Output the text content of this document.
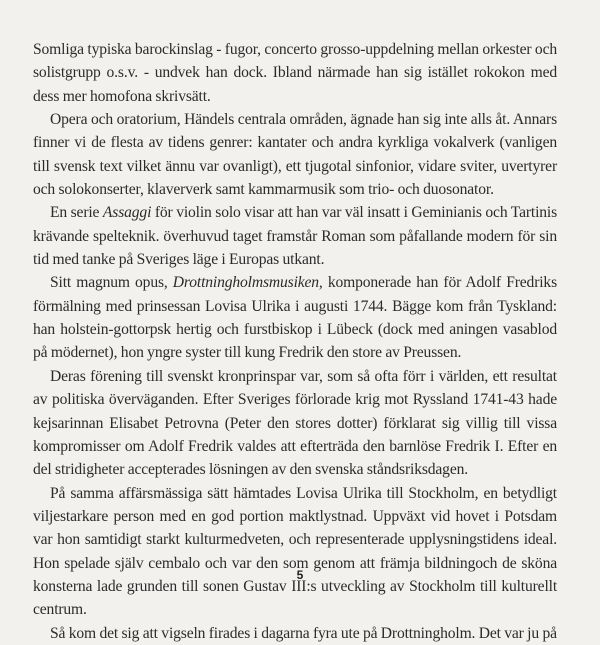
Somliga typiska barockinslag - fugor, concerto grosso-uppdelning mellan orkester och solistgrupp o.s.v. - undvek han dock. Ibland närmade han sig istället rokokon med dess mer homofona skrivsätt.

Opera och oratorium, Händels centrala områden, ägnade han sig inte alls åt. Annars finner vi de flesta av tidens genrer: kantater och andra kyrkliga vokalverk (vanligen till svensk text vilket ännu var ovanligt), ett tjugotal sinfonior, vidare sviter, uvertyrer och solokonserter, klaververk samt kammarmusik som trio- och duosonator.

En serie Assaggi för violin solo visar att han var väl insatt i Geminianis och Tartinis krävande spelteknik. överhuvud taget framstår Roman som påfallande modern för sin tid med tanke på Sveriges läge i Europas utkant.

Sitt magnum opus, Drottningholmsmusiken, komponerade han för Adolf Fredriks förmälning med prinsessan Lovisa Ulrika i augusti 1744. Bägge kom från Tyskland: han holstein-gottorpsk hertig och furstbiskop i Lübeck (dock med aningen vasablod på mödernet), hon yngre syster till kung Fredrik den store av Preussen.

Deras förening till svenskt kronprinspar var, som så ofta förr i världen, ett resultat av politiska överväganden. Efter Sveriges förlorade krig mot Ryssland 1741-43 hade kejsarinnan Elisabet Petrovna (Peter den stores dotter) förklarat sig villig till vissa kompromisser om Adolf Fredrik valdes att efterträda den barnlöse Fredrik I. Efter en del stridigheter accepterades lösningen av den svenska ståndsriksdagen.

På samma affärsmässiga sätt hämtades Lovisa Ulrika till Stockholm, en betydligt viljestarkare person med en god portion maktlystnad. Uppväxt vid hovet i Potsdam var hon samtidigt starkt kulturmedveten, och representerade upplysningstidens ideal. Hon spelade själv cembalo och var den som genom att främja bildningoch de sköna konsterna lade grunden till sonen Gustav III:s utveckling av Stockholm till kulturellt centrum.

Så kom det sig att vigseln firades i dagarna fyra ute på Drottningholm. Det var ju på

5
